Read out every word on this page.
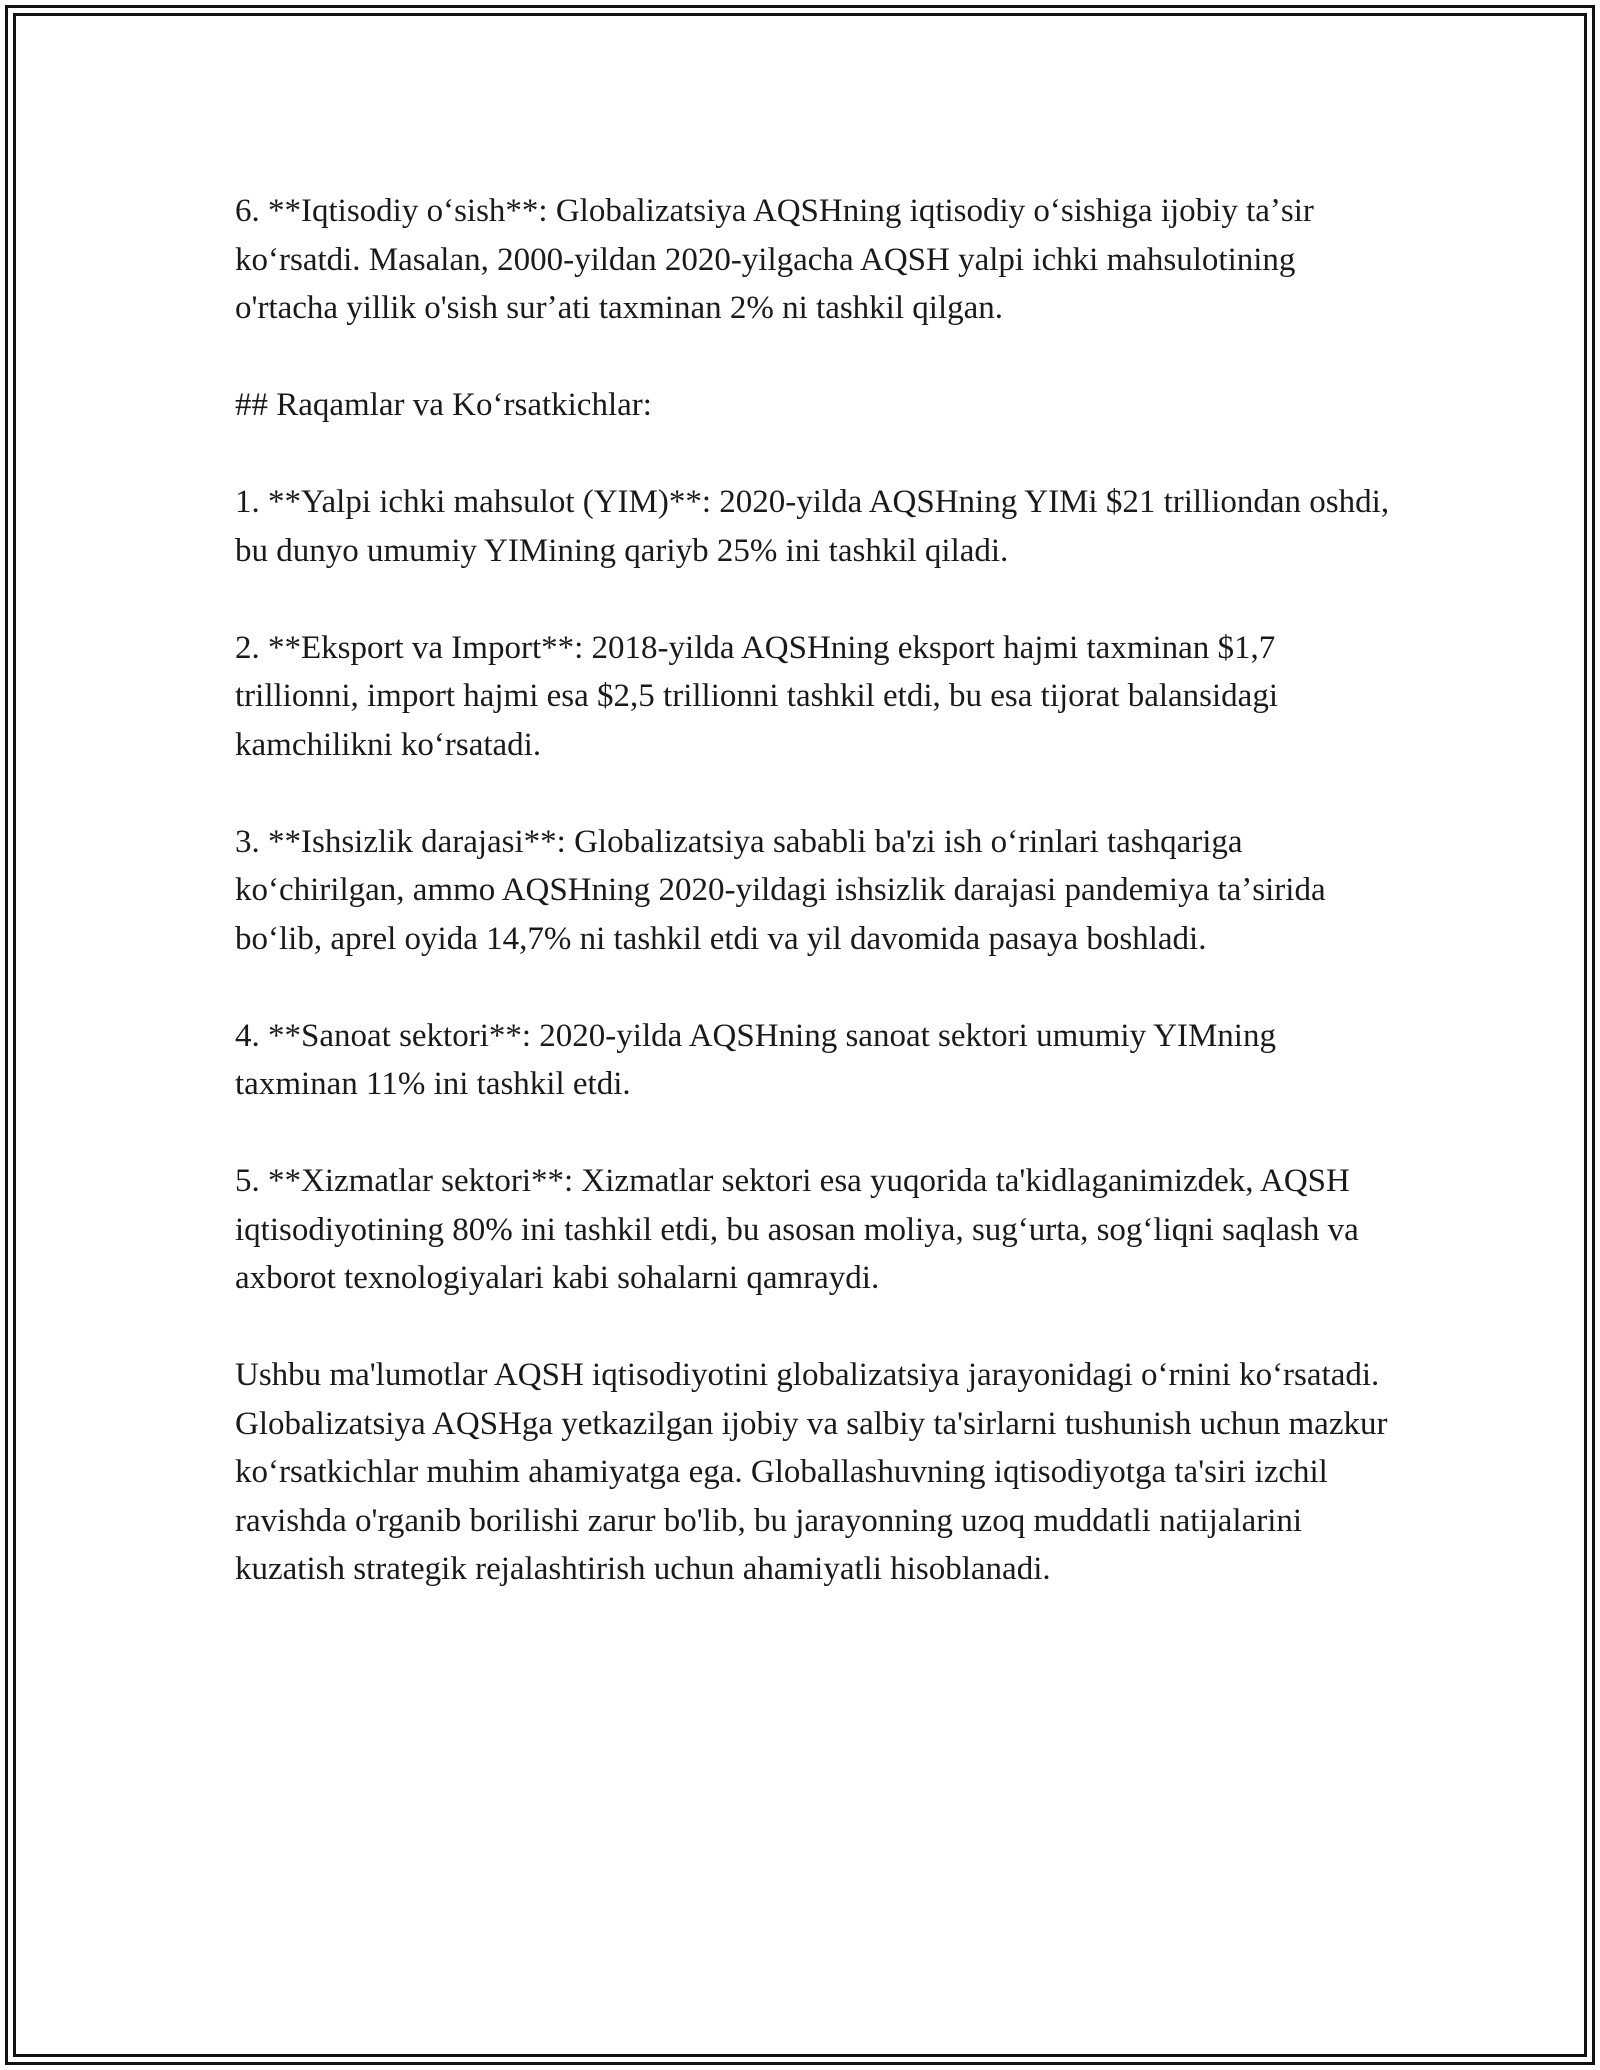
6. **Iqtisodiy oʻsish**: Globalizatsiya AQSHning iqtisodiy oʻsishiga ijobiy taʼsir koʻrsatdi. Masalan, 2000-yildan 2020-yilgacha AQSH yalpi ichki mahsulotining o'rtacha yillik o'sish surʼati taxminan 2% ni tashkil qilgan.

## Raqamlar va Koʻrsatkichlar:

1. **Yalpi ichki mahsulot (YIM)**: 2020-yilda AQSHning YIMi $21 trilliondan oshdi, bu dunyo umumiy YIMining qariyb 25% ini tashkil qiladi.

2. **Eksport va Import**: 2018-yilda AQSHning eksport hajmi taxminan $1,7 trillionni, import hajmi esa $2,5 trillionni tashkil etdi, bu esa tijorat balansidagi kamchilikni koʻrsatadi.

3. **Ishsizlik darajasi**: Globalizatsiya sababli ba'zi ish oʻrinlari tashqariga koʻchirilgan, ammo AQSHning 2020-yildagi ishsizlik darajasi pandemiya taʼsirida boʻlib, aprel oyida 14,7% ni tashkil etdi va yil davomida pasaya boshladi.

4. **Sanoat sektori**: 2020-yilda AQSHning sanoat sektori umumiy YIMning taxminan 11% ini tashkil etdi.

5. **Xizmatlar sektori**: Xizmatlar sektori esa yuqorida ta'kidlaganimizdek, AQSH iqtisodiyotining 80% ini tashkil etdi, bu asosan moliya, sugʻurta, sogʻliqni saqlash va axborot texnologiyalari kabi sohalarni qamraydi.

Ushbu ma'lumotlar AQSH iqtisodiyotini globalizatsiya jarayonidagi oʻrnini koʻrsatadi. Globalizatsiya AQSHga yetkazilgan ijobiy va salbiy ta'sirlarni tushunish uchun mazkur koʻrsatkichlar muhim ahamiyatga ega. Globallashuvning iqtisodiyotga ta'siri izchil ravishda o'rganib borilishi zarur bo'lib, bu jarayonning uzoq muddatli natijalarini kuzatish strategik rejalashtirish uchun ahamiyatli hisoblanadi.
